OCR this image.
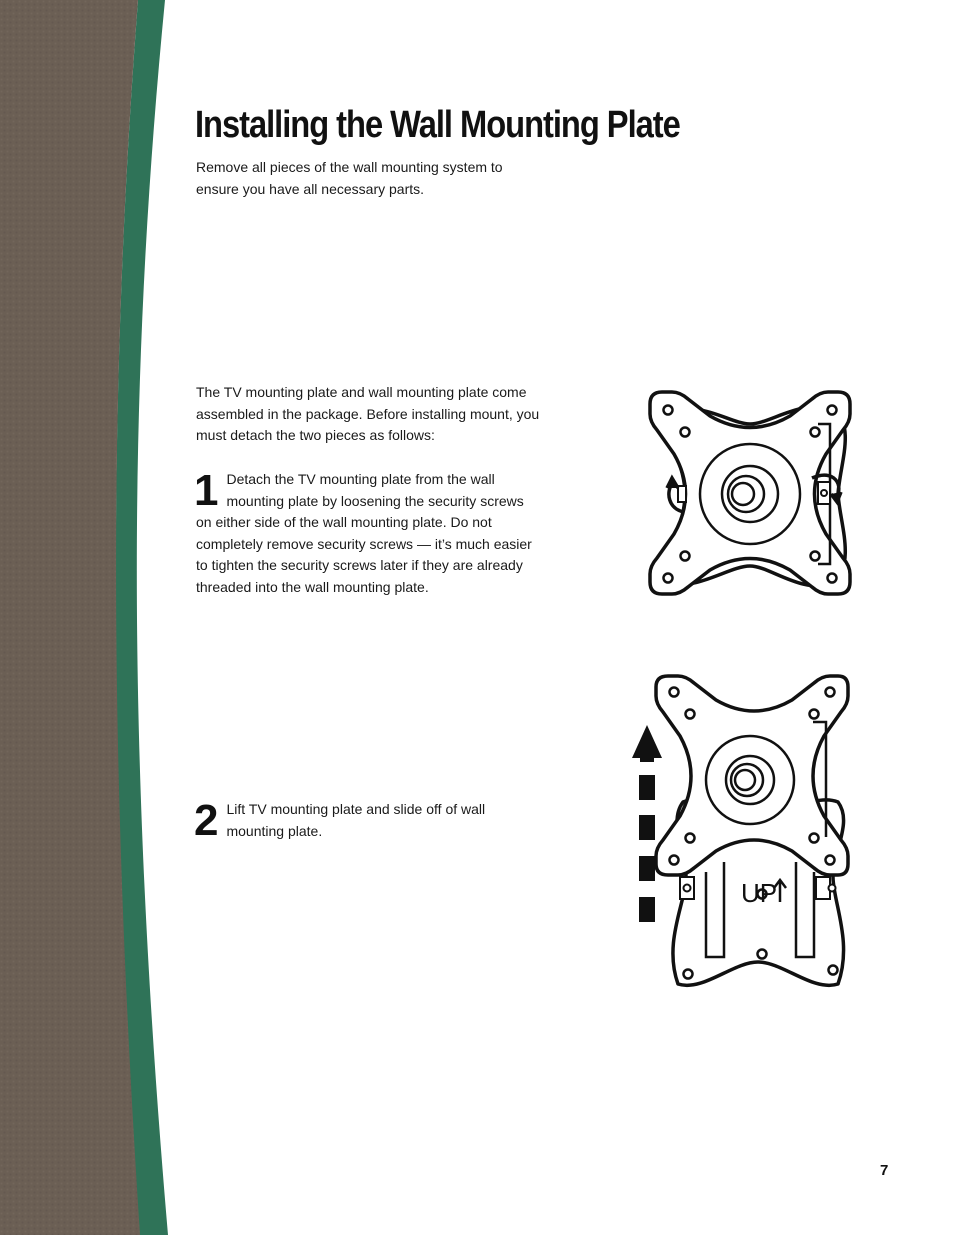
Installing the Wall Mounting Plate

Remove all pieces of the wall mounting system to ensure you have all necessary parts.

The TV mounting plate and wall mounting plate come assembled in the package. Before installing mount, you must detach the two pieces as follows:

1 Detach the TV mounting plate from the wall mounting plate by loosening the security screws on either side of the wall mounting plate. Do not completely remove security screws — it’s much easier to tighten the security screws later if they are already threaded into the wall mounting plate.

2 Lift TV mounting plate and slide off of wall mounting plate.

UP
7
